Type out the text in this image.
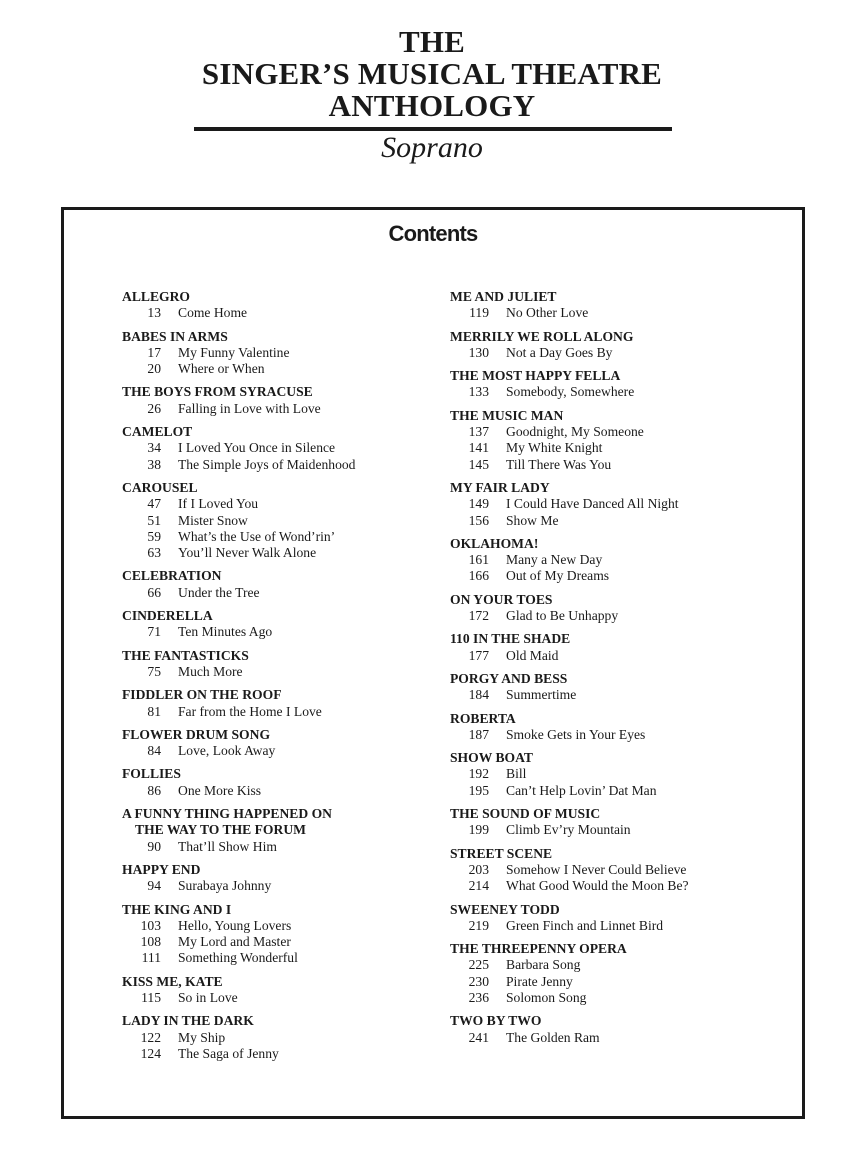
THE
SINGER’S MUSICAL THEATRE
ANTHOLOGY
Soprano
Contents
ALLEGRO
13 Come Home
BABES IN ARMS
17 My Funny Valentine
20 Where or When
THE BOYS FROM SYRACUSE
26 Falling in Love with Love
CAMELOT
34 I Loved You Once in Silence
38 The Simple Joys of Maidenhood
CAROUSEL
47 If I Loved You
51 Mister Snow
59 What’s the Use of Wond’rin’
63 You’ll Never Walk Alone
CELEBRATION
66 Under the Tree
CINDERELLA
71 Ten Minutes Ago
THE FANTASTICKS
75 Much More
FIDDLER ON THE ROOF
81 Far from the Home I Love
FLOWER DRUM SONG
84 Love, Look Away
FOLLIES
86 One More Kiss
A FUNNY THING HAPPENED ON
THE WAY TO THE FORUM
90 That’ll Show Him
HAPPY END
94 Surabaya Johnny
THE KING AND I
103 Hello, Young Lovers
108 My Lord and Master
111 Something Wonderful
KISS ME, KATE
115 So in Love
LADY IN THE DARK
122 My Ship
124 The Saga of Jenny
ME AND JULIET
119 No Other Love
MERRILY WE ROLL ALONG
130 Not a Day Goes By
THE MOST HAPPY FELLA
133 Somebody, Somewhere
THE MUSIC MAN
137 Goodnight, My Someone
141 My White Knight
145 Till There Was You
MY FAIR LADY
149 I Could Have Danced All Night
156 Show Me
OKLAHOMA!
161 Many a New Day
166 Out of My Dreams
ON YOUR TOES
172 Glad to Be Unhappy
110 IN THE SHADE
177 Old Maid
PORGY AND BESS
184 Summertime
ROBERTA
187 Smoke Gets in Your Eyes
SHOW BOAT
192 Bill
195 Can’t Help Lovin’ Dat Man
THE SOUND OF MUSIC
199 Climb Ev’ry Mountain
STREET SCENE
203 Somehow I Never Could Believe
214 What Good Would the Moon Be?
SWEENEY TODD
219 Green Finch and Linnet Bird
THE THREEPENNY OPERA
225 Barbara Song
230 Pirate Jenny
236 Solomon Song
TWO BY TWO
241 The Golden Ram
